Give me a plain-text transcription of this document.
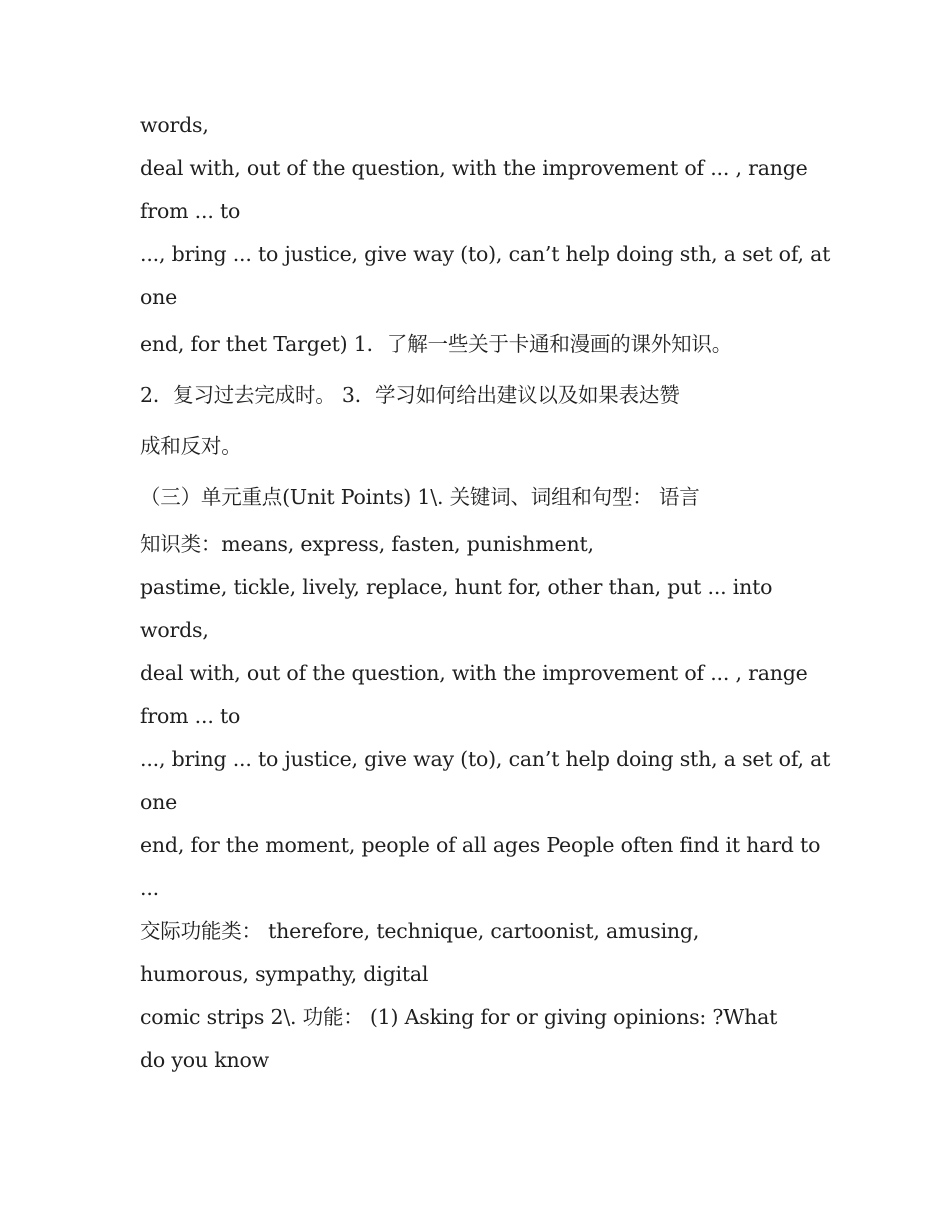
words,
deal with, out of the question, with the improvement of ... , range
from ... to
..., bring ... to justice, give way (to), can’t help doing sth, a set of, at
one
end, for thet Target) 1．了解一些关于卡通和漫画的课外知识。
2．复习过去完成时。 3．学习如何给出建议以及如果表达赞
成和反对。
（三）单元重点(Unit Points) 1\. 关键词、词组和句型： 语言
知识类：means, express, fasten, punishment,
pastime, tickle, lively, replace, hunt for, other than, put ... into
words,
deal with, out of the question, with the improvement of ... , range
from ... to
..., bring ... to justice, give way (to), can’t help doing sth, a set of, at
one
end, for the moment, people of all ages People often find it hard to
...
交际功能类： therefore, technique, cartoonist, amusing,
humorous, sympathy, digital
comic strips 2\. 功能： (1) Asking for or giving opinions: ?What
do you know
